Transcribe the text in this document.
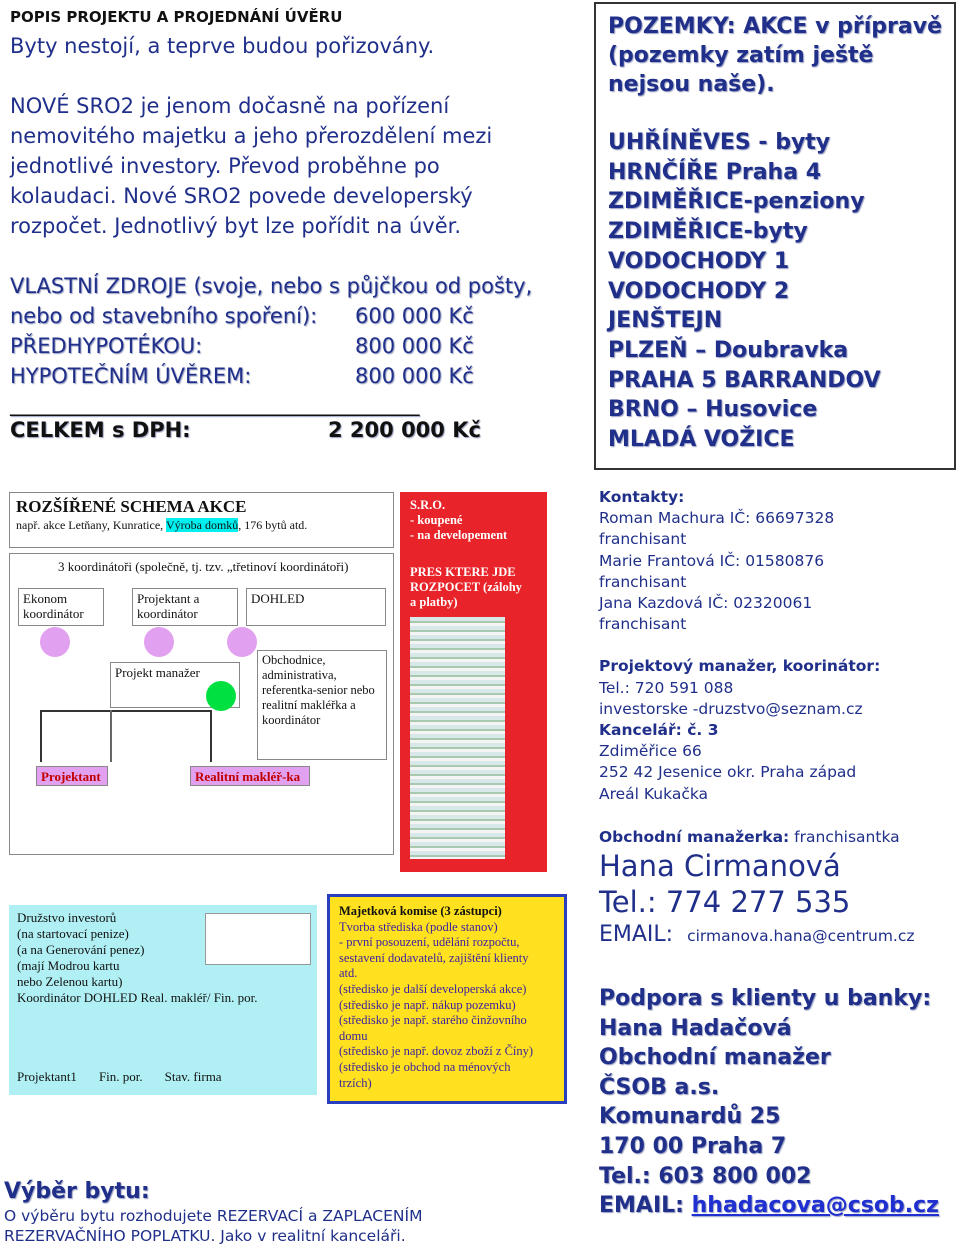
POPIS PROJEKTU A PROJEDNÁNÍ ÚVĚRU

Byty nestojí, a teprve budou pořizovány.

NOVÉ SRO2 je jenom dočasně na pořízení

nemovitého majetku a jeho přerozdělení mezi

jednotlivé investory. Převod proběhne po

kolaudaci. Nové SRO2 povede developerský

rozpočet. Jednotlivý byt lze pořídit na úvěr.

VLASTNÍ ZDROJE (svoje, nebo s půjčkou od pošty,

nebo od stavebního spoření):	600 000 Kč
PŘEDHYPOTÉKOU:	800 000 Kč
HYPOTEČNÍM ÚVĚREM:	800 000 Kč

_______________________________________

CELKEM s DPH:	2 200 000 Kč
POZEMKY: AKCE v přípravě
(pozemky zatím ještě
nejsou naše).
UHŘÍNĚVES - byty
HRNČÍŘE Praha 4
ZDIMĚŘICE-penziony
ZDIMĚŘICE-byty
VODOCHODY 1
VODOCHODY 2
JENŠTEJN
PLZEŇ – Doubravka
PRAHA 5 BARRANDOV
BRNO – Husovice
MLADÁ VOŽICE

Kontakty:

Roman Machura IČ: 66697328

franchisant

Marie Frantová IČ: 01580876

franchisant

Jana Kazdová IČ: 02320061

franchisant

Projektový manažer, koorinátor:

Tel.: 720 591 088

investorske -druzstvo@seznam.cz

Kancelář: č. 3

Zdiměřice 66

252 42 Jesenice okr. Praha západ

Areál Kukačka

Obchodní manažerka: franchisantka

Hana Cirmanová

Tel.: 774 277 535

EMAIL: cirmanova.hana@centrum.cz

Podpora s klienty u banky:
Hana Hadačová
Obchodní manažer
ČSOB a.s.
Komunardů 25
170 00 Praha 7
Tel.: 603 800 002
EMAIL: hhadacova@csob.cz
Výběr bytu:
O výběru bytu rozhodujete REZERVACÍ a ZAPLACENÍM
REZERVAČNÍHO POPLATKU. Jako v realitní kanceláři.
ROZŠÍŘENÉ SCHEMA AKCE
např. akce Letňany, Kunratice, Výroba domků, 176 bytů atd.
3 koordinátoři (společně, tj. tzv. „třetinoví koordinátoři)
Ekonom koordinátor
Projektant a koordinátor
DOHLED
Projekt manažer
Obchodnice, administrativa, referentka-senior nebo realitní makléřka a koordinátor
Projektant	Realitní makléř-ka
S.R.O.
- koupené
- na developement
PRES KTERE JDE
ROZPOCET (zálohy
a platby)
Družstvo investorů
(na startovací penize)
(a na Generování penez)
(mají Modrou kartu
nebo Zelenou kartu)
Koordinátor DOHLED Real. makléř/ Fin. por.
Projektant1 Fin. por. Stav. firma
Majetková komise (3 zástupci)
Tvorba střediska (podle stanov)
- první posouzení, udělání rozpočtu,
sestavení dodavatelů, zajištění klienty
atd.
(středisko je další developerská akce)
(středisko je např. nákup pozemku)
(středisko je např. starého činžovního
domu
(středisko je např. dovoz zboží z Číny)
(středisko je obchod na ménových
trzích)
